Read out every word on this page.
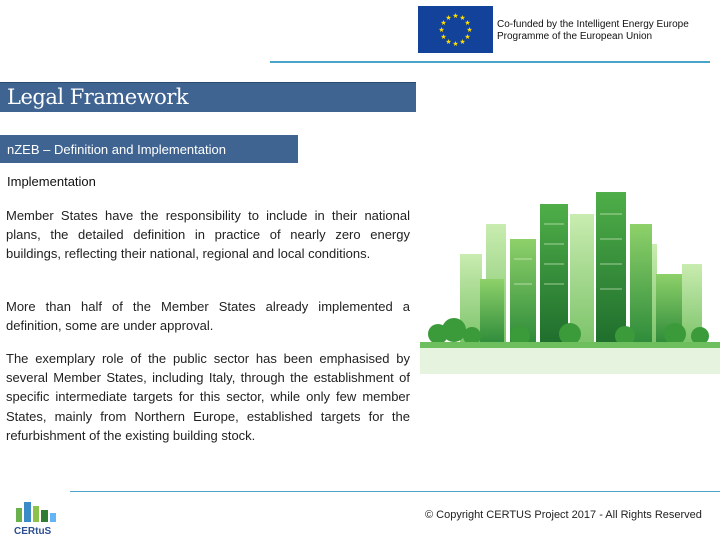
★ ★
★
★
★
★
★
★
★
★
★
★
Co-funded by the Intelligent Energy Europe
Programme of the European Union
Legal Framework
nZEB – Definition and Implementation
Implementation

Member States have the responsibility to include in their national plans, the detailed definition in practice of nearly zero energy buildings, reflecting their national, regional and local conditions.

More than half of the Member States already implemented a definition, some are under approval.

The exemplary role of the public sector has been emphasised by several Member States, including Italy, through the establishment of specific intermediate targets for this sector, while only few member States, mainly from Northern Europe, established targets for the refurbishment of the existing building stock.

CERtuS
© Copyright CERTUS Project 2017 - All Rights Reserved
